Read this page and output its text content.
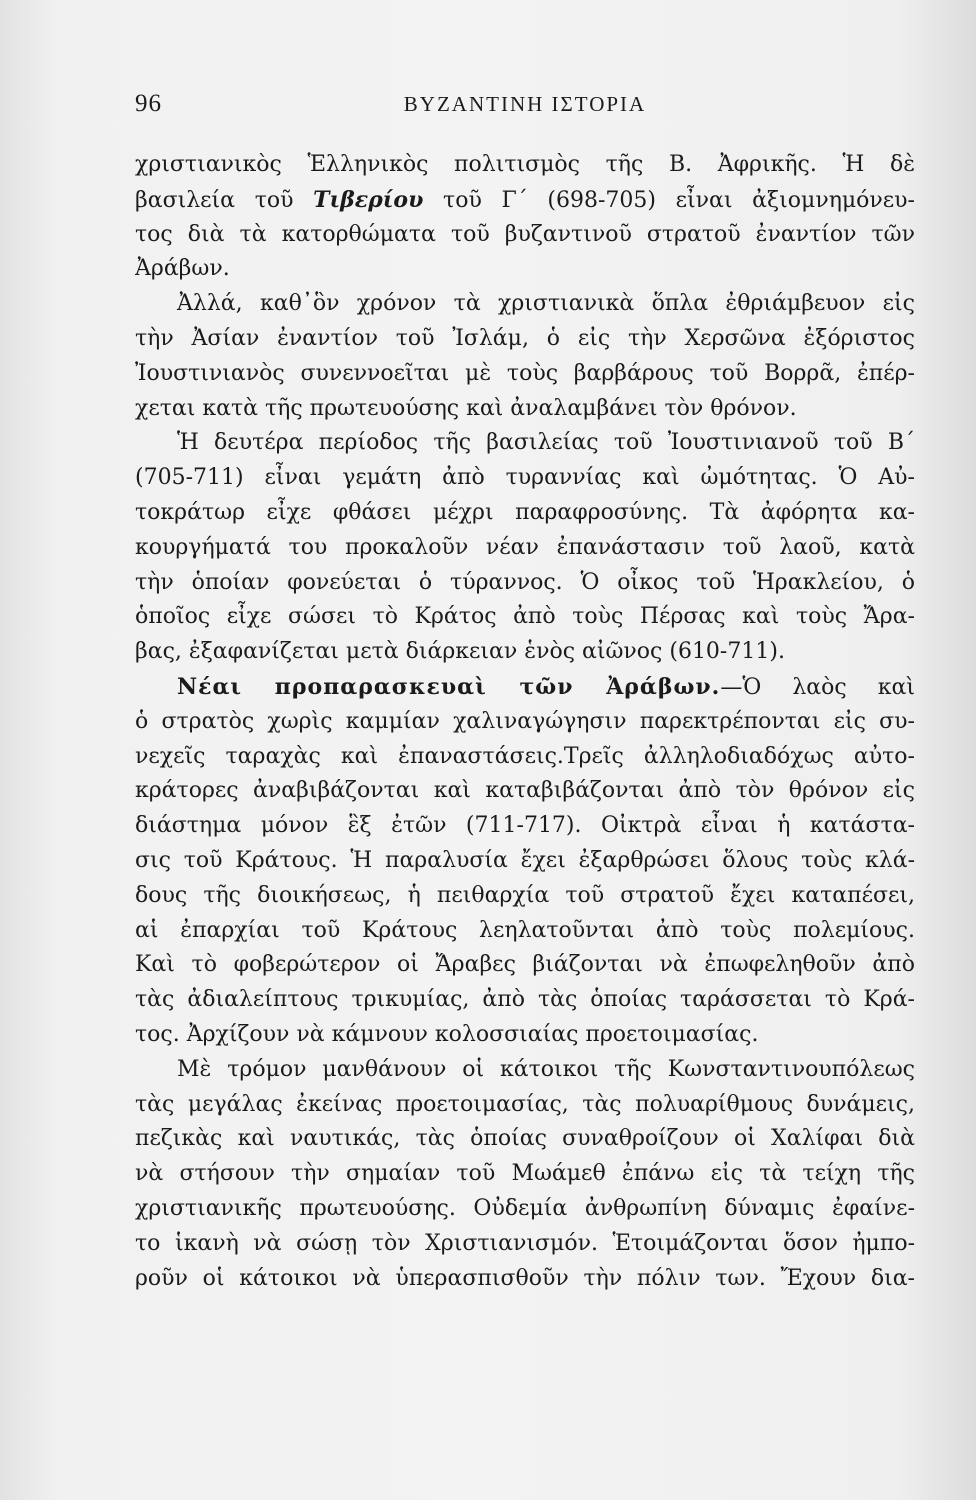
96	ΒΥΖΑΝΤΙΝΗ ΙΣΤΟΡΙΑ
χριστιανικὸς Ἑλληνικὸς πολιτισμὸς τῆς Β. Ἀφρικῆς. Ἡ δὲ
βασιλεία τοῦ Τιβερίου τοῦ Γ΄ (698-705) εἶναι ἀξιομνημόνευ-
τος διὰ τὰ κατορθώματα τοῦ βυζαντινοῦ στρατοῦ ἐναντίον τῶν
Ἀράβων.
Ἀλλά, καθ᾽ὃν χρόνον τὰ χριστιανικὰ ὅπλα ἐθριάμβευον εἰς
τὴν Ἀσίαν ἐναντίον τοῦ Ἰσλάμ, ὁ εἰς τὴν Χερσῶνα ἐξόριστος
Ἰουστινιανὸς συνεννοεῖται μὲ τοὺς βαρβάρους τοῦ Βορρᾶ, ἐπέρ-
χεται κατὰ τῆς πρωτευούσης καὶ ἀναλαμβάνει τὸν θρόνον.
Ἡ δευτέρα περίοδος τῆς βασιλείας τοῦ Ἰουστινιανοῦ τοῦ Β΄
(705-711) εἶναι γεμάτη ἀπὸ τυραννίας καὶ ὠμότητας. Ὁ Αὐ-
τοκράτωρ εἶχε φθάσει μέχρι παραφροσύνης. Τὰ ἀφόρητα κα-
κουργήματά του προκαλοῦν νέαν ἐπανάστασιν τοῦ λαοῦ, κατὰ
τὴν ὁποίαν φονεύεται ὁ τύραννος. Ὁ οἶκος τοῦ Ἡρακλείου, ὁ
ὁποῖος εἶχε σώσει τὸ Κράτος ἀπὸ τοὺς Πέρσας καὶ τοὺς Ἄρα-
βας, ἐξαφανίζεται μετὰ διάρκειαν ἑνὸς αἰῶνος (610-711).
Νέαι προπαρασκευαὶ τῶν Ἀράβων.—Ὁ λαὸς καὶ
ὁ στρατὸς χωρὶς καμμίαν χαλιναγώγησιν παρεκτρέπονται εἰς συ-
νεχεῖς ταραχὰς καὶ ἐπαναστάσεις.Τρεῖς ἀλληλοδιαδόχως αὐτο-
κράτορες ἀναβιβάζονται καὶ καταβιβάζονται ἀπὸ τὸν θρόνον εἰς
διάστημα μόνον ἓξ ἐτῶν (711-717). Οἰκτρὰ εἶναι ἡ κατάστα-
σις τοῦ Κράτους. Ἡ παραλυσία ἔχει ἐξαρθρώσει ὅλους τοὺς κλά-
δους τῆς διοικήσεως, ἡ πειθαρχία τοῦ στρατοῦ ἔχει καταπέσει,
αἱ ἐπαρχίαι τοῦ Κράτους λεηλατοῦνται ἀπὸ τοὺς πολεμίους.
Καὶ τὸ φοβερώτερον οἱ Ἄραβες βιάζονται νὰ ἐπωφεληθοῦν ἀπὸ
τὰς ἀδιαλείπτους τρικυμίας, ἀπὸ τὰς ὁποίας ταράσσεται τὸ Κρά-
τος. Ἀρχίζουν νὰ κάμνουν κολοσσιαίας προετοιμασίας.
Μὲ τρόμον μανθάνουν οἱ κάτοικοι τῆς Κωνσταντινουπόλεως
τὰς μεγάλας ἐκείνας προετοιμασίας, τὰς πολυαρίθμους δυνάμεις,
πεζικὰς καὶ ναυτικάς, τὰς ὁποίας συναθροίζουν οἱ Χαλίφαι διὰ
νὰ στήσουν τὴν σημαίαν τοῦ Μωάμεθ ἐπάνω εἰς τὰ τείχη τῆς
χριστιανικῆς πρωτευούσης. Οὐδεμία ἀνθρωπίνη δύναμις ἐφαίνε-
το ἱκανὴ νὰ σώσῃ τὸν Χριστιανισμόν. Ἑτοιμάζονται ὅσον ἠμπο-
ροῦν οἱ κάτοικοι νὰ ὑπερασπισθοῦν τὴν πόλιν των. Ἔχουν δια-
